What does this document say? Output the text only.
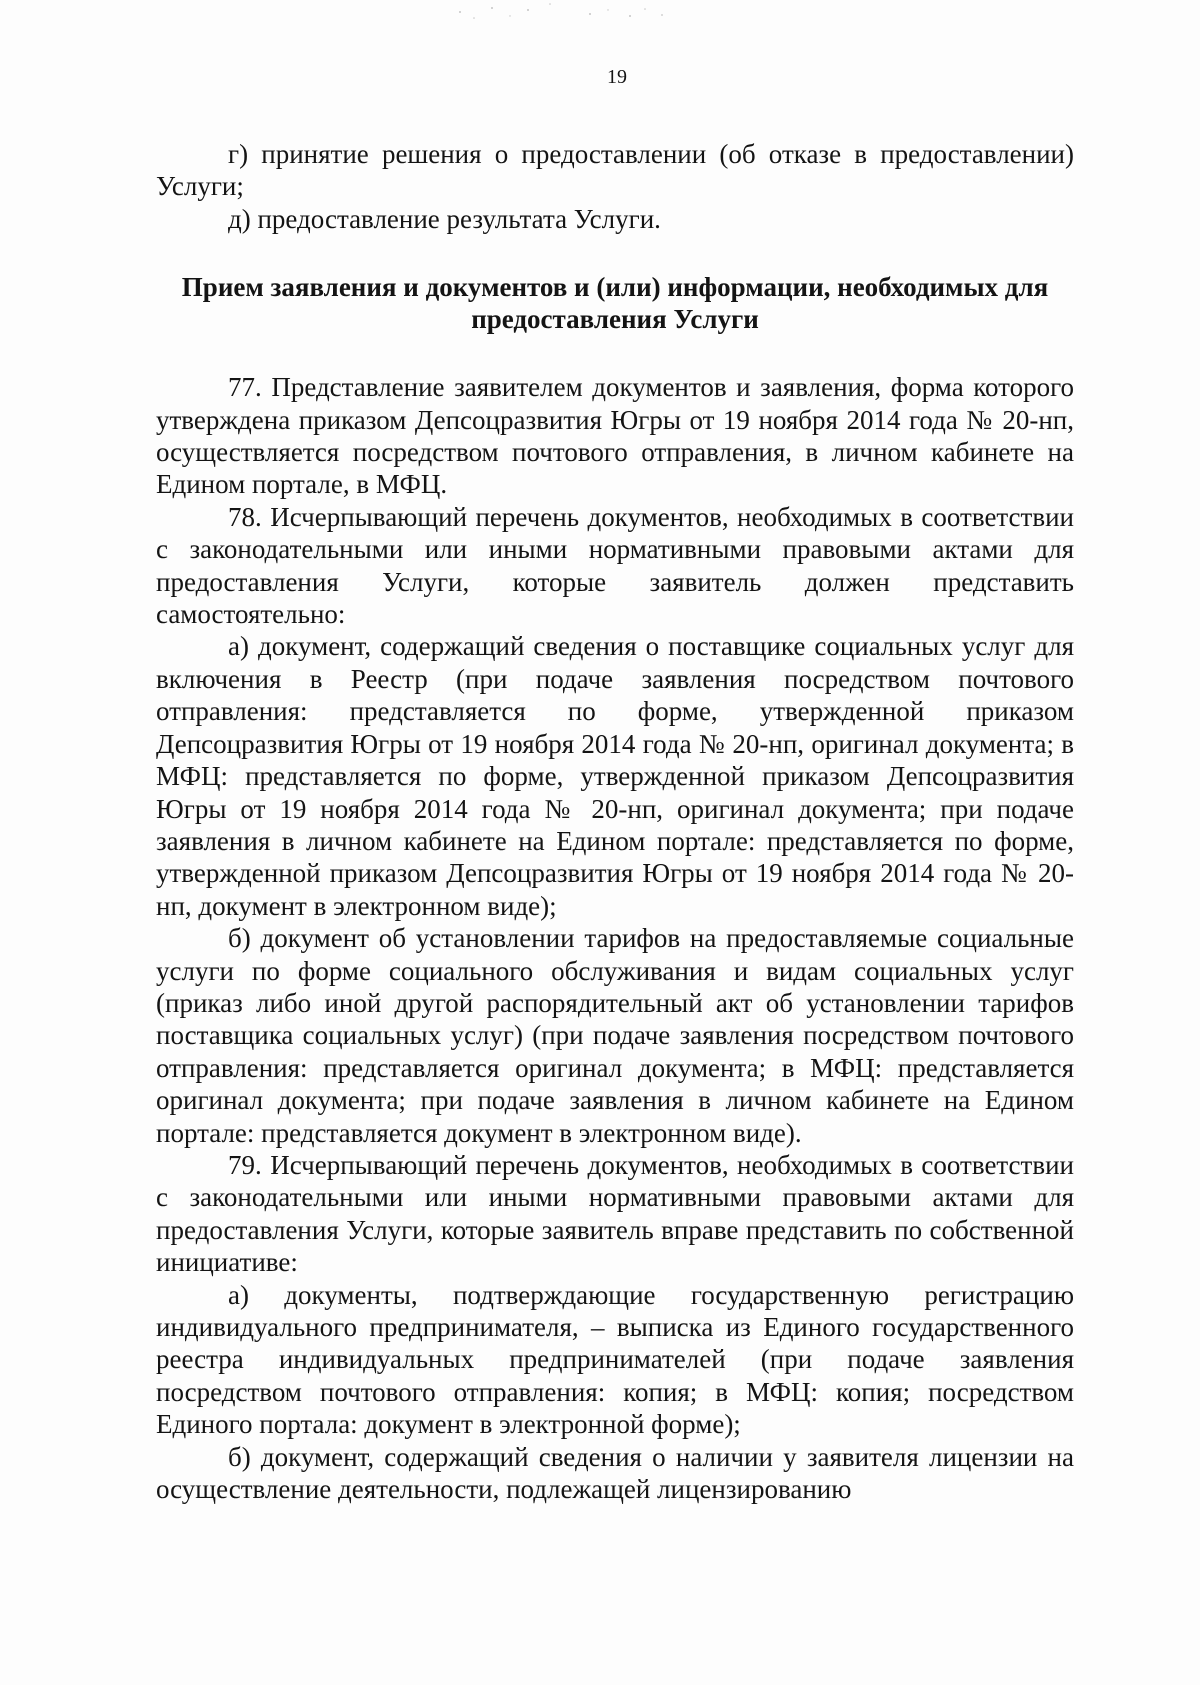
19

г) принятие решения о предоставлении (об отказе в предоставлении) Услуги;

д) предоставление результата Услуги.

Прием заявления и документов и (или) информации, необходимых для предоставления Услуги

77. Представление заявителем документов и заявления, форма которого утверждена приказом Депсоцразвития Югры от 19 ноября 2014 года № 20-нп, осуществляется посредством почтового отправления, в личном кабинете на Едином портале, в МФЦ.

78. Исчерпывающий перечень документов, необходимых в соответствии с законодательными или иными нормативными правовыми актами для предоставления Услуги, которые заявитель должен представить самостоятельно:

а) документ, содержащий сведения о поставщике социальных услуг для включения в Реестр (при подаче заявления посредством почтового отправления: представляется по форме, утвержденной приказом Депсоцразвития Югры от 19 ноября 2014 года № 20-нп, оригинал документа; в МФЦ: представляется по форме, утвержденной приказом Депсоцразвития Югры от 19 ноября 2014 года № 20-нп, оригинал документа; при подаче заявления в личном кабинете на Едином портале: представляется по форме, утвержденной приказом Депсоцразвития Югры от 19 ноября 2014 года № 20-нп, документ в электронном виде);

б) документ об установлении тарифов на предоставляемые социальные услуги по форме социального обслуживания и видам социальных услуг (приказ либо иной другой распорядительный акт об установлении тарифов поставщика социальных услуг) (при подаче заявления посредством почтового отправления: представляется оригинал документа; в МФЦ: представляется оригинал документа; при подаче заявления в личном кабинете на Едином портале: представляется документ в электронном виде).

79. Исчерпывающий перечень документов, необходимых в соответствии с законодательными или иными нормативными правовыми актами для предоставления Услуги, которые заявитель вправе представить по собственной инициативе:

а) документы, подтверждающие государственную регистрацию индивидуального предпринимателя, – выписка из Единого государственного реестра индивидуальных предпринимателей (при подаче заявления посредством почтового отправления: копия; в МФЦ: копия; посредством Единого портала: документ в электронной форме);

б) документ, содержащий сведения о наличии у заявителя лицензии на осуществление деятельности, подлежащей лицензированию
